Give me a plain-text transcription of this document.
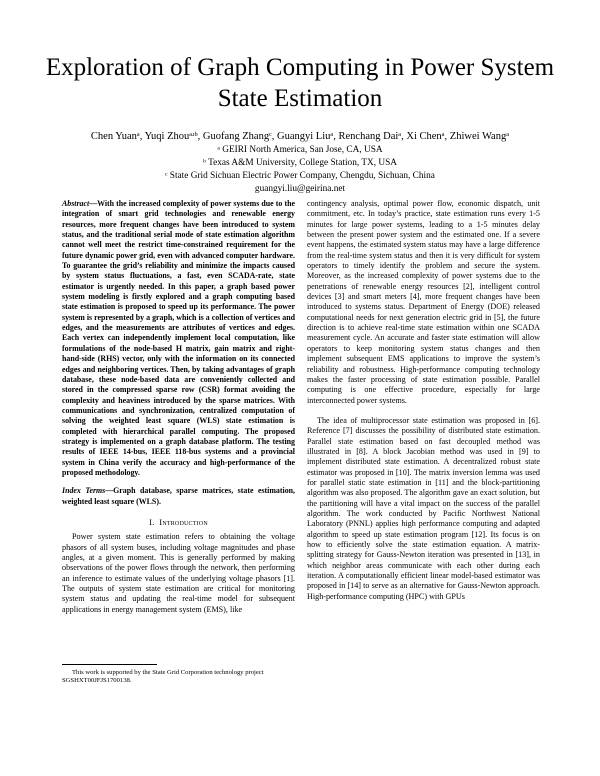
Exploration of Graph Computing in Power System State Estimation
Chen Yuanᵃ, Yuqi Zhouᵃʴᵇ, Guofang Zhangᶜ, Guangyi Liuᵃ, Renchang Daiᵃ, Xi Chenᵃ, Zhiwei Wangᵃ
ᵃ GEIRI North America, San Jose, CA, USA
ᵇ Texas A&M University, College Station, TX, USA
ᶜ State Grid Sichuan Electric Power Company, Chengdu, Sichuan, China
guangyi.liu@geirina.net
Abstract—With the increased complexity of power systems due to the integration of smart grid technologies and renewable energy resources, more frequent changes have been introduced to system status, and the traditional serial mode of state estimation algorithm cannot well meet the restrict time-constrained requirement for the future dynamic power grid, even with advanced computer hardware. To guarantee the grid’s reliability and minimize the impacts caused by system status fluctuations, a fast, even SCADA-rate, state estimator is urgently needed. In this paper, a graph based power system modeling is firstly explored and a graph computing based state estimation is proposed to speed up its performance. The power system is represented by a graph, which is a collection of vertices and edges, and the measurements are attributes of vertices and edges. Each vertex can independently implement local computation, like formulations of the node-based H matrix, gain matrix and right-hand-side (RHS) vector, only with the information on its connected edges and neighboring vertices. Then, by taking advantages of graph database, these node-based data are conveniently collected and stored in the compressed sparse row (CSR) format avoiding the complexity and heaviness introduced by the sparse matrices. With communications and synchronization, centralized computation of solving the weighted least square (WLS) state estimation is completed with hierarchical parallel computing. The proposed strategy is implemented on a graph database platform. The testing results of IEEE 14-bus, IEEE 118-bus systems and a provincial system in China verify the accuracy and high-performance of the proposed methodology.
Index Terms—Graph database, sparse matrices, state estimation, weighted least square (WLS).
I. Introduction

Power system state estimation refers to obtaining the voltage phasors of all system buses, including voltage magnitudes and phase angles, at a given moment. This is generally performed by making observations of the power flows through the network, then performing an inference to estimate values of the underlying voltage phasors [1]. The outputs of system state estimation are critical for monitoring system status and updating the real-time model for subsequent applications in energy management system (EMS), like

This work is supported by the State Grid Corporation technology project SGSHXT00JFJS1700138.

contingency analysis, optimal power flow, economic dispatch, unit commitment, etc. In today’s practice, state estimation runs every 1-5 minutes for large power systems, leading to a 1-5 minutes delay between the present power system and the estimated one. If a severe event happens, the estimated system status may have a large difference from the real-time system status and then it is very difficult for system operators to timely identify the problem and secure the system. Moreover, as the increased complexity of power systems due to the penetrations of renewable energy resources [2], intelligent control devices [3] and smart meters [4], more frequent changes have been introduced to systems status. Department of Energy (DOE) released computational needs for next generation electric grid in [5], the future direction is to achieve real-time state estimation within one SCADA measurement cycle. An accurate and faster state estimation will allow operators to keep monitoring system status changes and then implement subsequent EMS applications to improve the system’s reliability and robustness. High-performance computing technology makes the faster processing of state estimation possible. Parallel computing is one effective procedure, especially for large interconnected power systems.

The idea of multiprocessor state estimation was proposed in [6]. Reference [7] discusses the possibility of distributed state estimation. Parallel state estimation based on fast decoupled method was illustrated in [8]. A block Jacobian method was used in [9] to implement distributed state estimation. A decentralized robust state estimator was proposed in [10]. The matrix inversion lemma was used for parallel static state estimation in [11] and the block-partitioning algorithm was also proposed. The algorithm gave an exact solution, but the partitioning will have a vital impact on the success of the parallel algorithm. The work conducted by Pacific Northwest National Laboratory (PNNL) applies high performance computing and adapted algorithm to speed up state estimation program [12]. Its focus is on how to efficiently solve the state estimation equation. A matrix-splitting strategy for Gauss-Newton iteration was presented in [13], in which neighbor areas communicate with each other during each iteration. A computationally efficient linear model-based estimator was proposed in [14] to serve as an alternative for Gauss-Newton approach. High-performance computing (HPC) with GPUs
